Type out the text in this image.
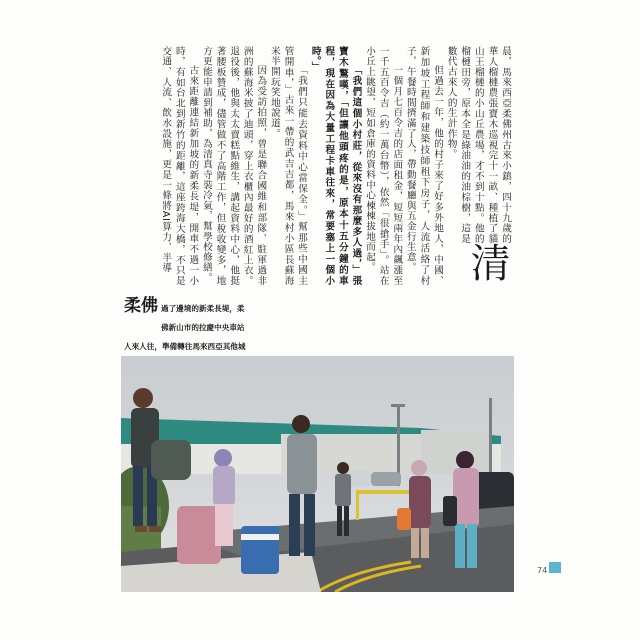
清
晨，馬來西亞柔佛州古來小鎮，四十九歲的華人榴槤農張寶木巡視完十一畝、種植了貓山王榴槤的小山丘農場，才不到十點。他的榴槤田旁，原本全是綠油油的油棕樹，這是數代古來人的生計作物。

但過去一年，他的村子來了好多外地人，中國、新加坡工程師和建築技師租下房子，人流活絡了村子，午餐時間擠滿了人，帶動餐廳與五金行生意。

一個月七百令吉的店面租金，短短兩年內飆漲至一千五百令吉（約一萬台幣），依然「很搶手」。站在小丘上眺望，短如倉庫的資料中心棟棟拔地而起。

「我們這個小村莊，從來沒有那麼多人過，」張寶木驚嘆，「但讓他頭疼的是，原本十五分鐘的車程，現在因為大量工程卡車往來，常要塞上一個小時。」

「我們只能去資料中心當保全。」幫那些中國主管開車，」古來一帶的武吉吉都，馬來村小區長蘇海米半開玩笑地說道。

因為受訪拍照，曾是聯合國維和部隊、駐軍過非洲的蘇海米披了迪頭，穿上衣櫃內最好的酒紅上衣。退役後，他與太太賣糕點維生，講起資料中心，他挺著腰板贊成，儘管做不了高階工作，但稅收變多，地方更能申請到補助，為清真寺裝冷氣，幫學校修繕。

古來距離連結新加坡的新柔長堤，開車不過一小時，有如台北到新竹的距離，這座跨海大橋，不只是交通、人流、飲水設施，更是一條將AI算力、半導

柔佛 過了邊境的新柔長堤，柔佛新山市的拉慶中央車站人來人往，準備轉往馬來西亞其他城
74
